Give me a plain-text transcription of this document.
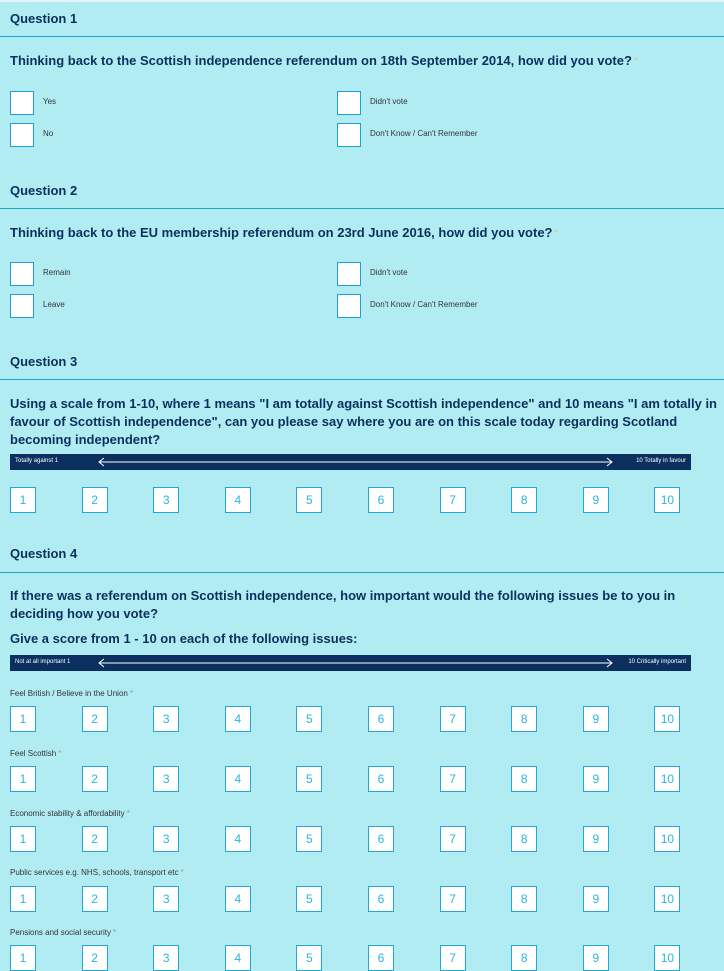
Question 1
Thinking back to the Scottish independence referendum on 18th September 2014, how did you vote? *
Yes
No
Didn't vote
Don't Know / Can't Remember
Question 2
Thinking back to the EU membership referendum on 23rd June 2016, how did you vote? *
Remain
Leave
Didn't vote
Don't Know / Can't Remember
Question 3
Using a scale from 1-10, where 1 means "I am totally against Scottish independence" and 10 means "I am totally in favour of Scottish independence", can you please say where you are on this scale today regarding Scotland becoming independent?
Totally against 1	10 Totally in favour
1	2	3	4	5	6	7	8	9	10
Question 4
If there was a referendum on Scottish independence, how important would the following issues be to you in deciding how you vote?
Give a score from 1 - 10 on each of the following issues:
Not at all important 1	10 Critically important
Feel British / Believe in the Union *
1	2	3	4	5	6	7	8	9	10
Feel Scottish *
1	2	3	4	5	6	7	8	9	10
Economic stability & affordability *
1	2	3	4	5	6	7	8	9	10
Public services e.g. NHS, schools, transport etc *
1	2	3	4	5	6	7	8	9	10
Pensions and social security *
1	2	3	4	5	6	7	8	9	10
